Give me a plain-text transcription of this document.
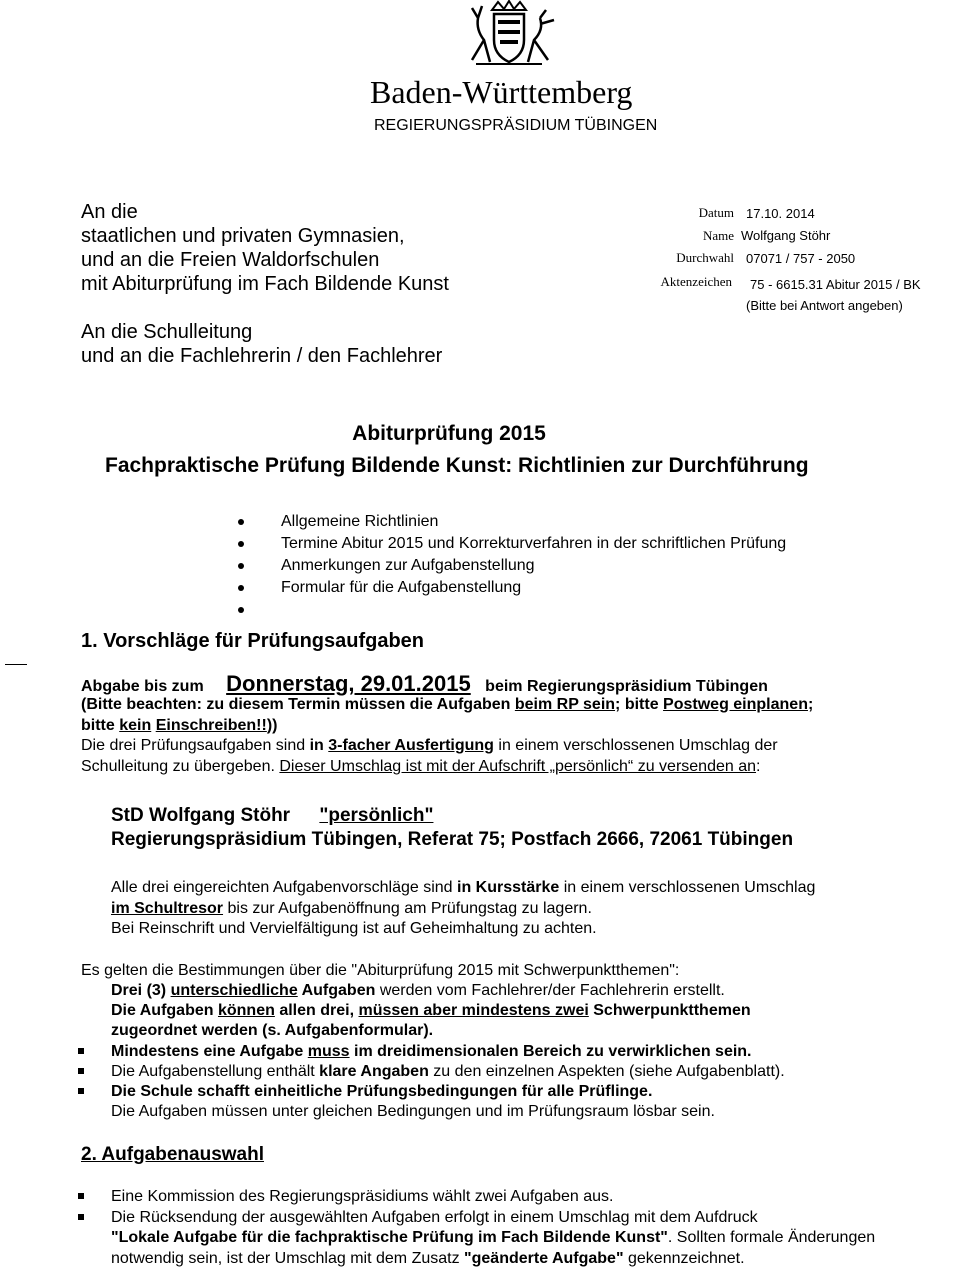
Baden-Württemberg
REGIERUNGSPRÄSIDIUM TÜBINGEN
An die
staatlichen und privaten Gymnasien,
und an die Freien Waldorfschulen
mit Abiturprüfung im Fach Bildende Kunst
An die Schulleitung
und an die Fachlehrerin / den Fachlehrer
Datum 17.10. 2014
Name Wolfgang Stöhr
Durchwahl 07071 / 757 - 2050
Aktenzeichen 75 - 6615.31 Abitur 2015 / BK
(Bitte bei Antwort angeben)
Abiturprüfung 2015
Fachpraktische Prüfung Bildende Kunst: Richtlinien zur Durchführung
Allgemeine Richtlinien
Termine Abitur 2015 und Korrekturverfahren in der schriftlichen Prüfung
Anmerkungen zur Aufgabenstellung
Formular für die Aufgabenstellung
1. Vorschläge für Prüfungsaufgaben
Abgabe bis zum Donnerstag, 29.01.2015 beim Regierungspräsidium Tübingen
(Bitte beachten: zu diesem Termin müssen die Aufgaben beim RP sein; bitte Postweg einplanen;
bitte kein Einschreiben!!))
Die drei Prüfungsaufgaben sind in 3-facher Ausfertigung in einem verschlossenen Umschlag der
Schulleitung zu übergeben. Dieser Umschlag ist mit der Aufschrift „persönlich“ zu versenden an:
StD Wolfgang Stöhr "persönlich"
Regierungspräsidium Tübingen, Referat 75; Postfach 2666, 72061 Tübingen
Alle drei eingereichten Aufgabenvorschläge sind in Kursstärke in einem verschlossenen Umschlag
im Schultresor bis zur Aufgabenöffnung am Prüfungstag zu lagern.
Bei Reinschrift und Vervielfältigung ist auf Geheimhaltung zu achten.
Es gelten die Bestimmungen über die "Abiturprüfung 2015 mit Schwerpunktthemen":
Drei (3) unterschiedliche Aufgaben werden vom Fachlehrer/der Fachlehrerin erstellt.
Die Aufgaben können allen drei, müssen aber mindestens zwei Schwerpunktthemen
zugeordnet werden (s. Aufgabenformular).
Mindestens eine Aufgabe muss im dreidimensionalen Bereich zu verwirklichen sein.
Die Aufgabenstellung enthält klare Angaben zu den einzelnen Aspekten (siehe Aufgabenblatt).
Die Schule schafft einheitliche Prüfungsbedingungen für alle Prüflinge.
Die Aufgaben müssen unter gleichen Bedingungen und im Prüfungsraum lösbar sein.
2. Aufgabenauswahl
Eine Kommission des Regierungspräsidiums wählt zwei Aufgaben aus.
Die Rücksendung der ausgewählten Aufgaben erfolgt in einem Umschlag mit dem Aufdruck
"Lokale Aufgabe für die fachpraktische Prüfung im Fach Bildende Kunst". Sollten formale Änderungen
notwendig sein, ist der Umschlag mit dem Zusatz "geänderte Aufgabe" gekennzeichnet.
